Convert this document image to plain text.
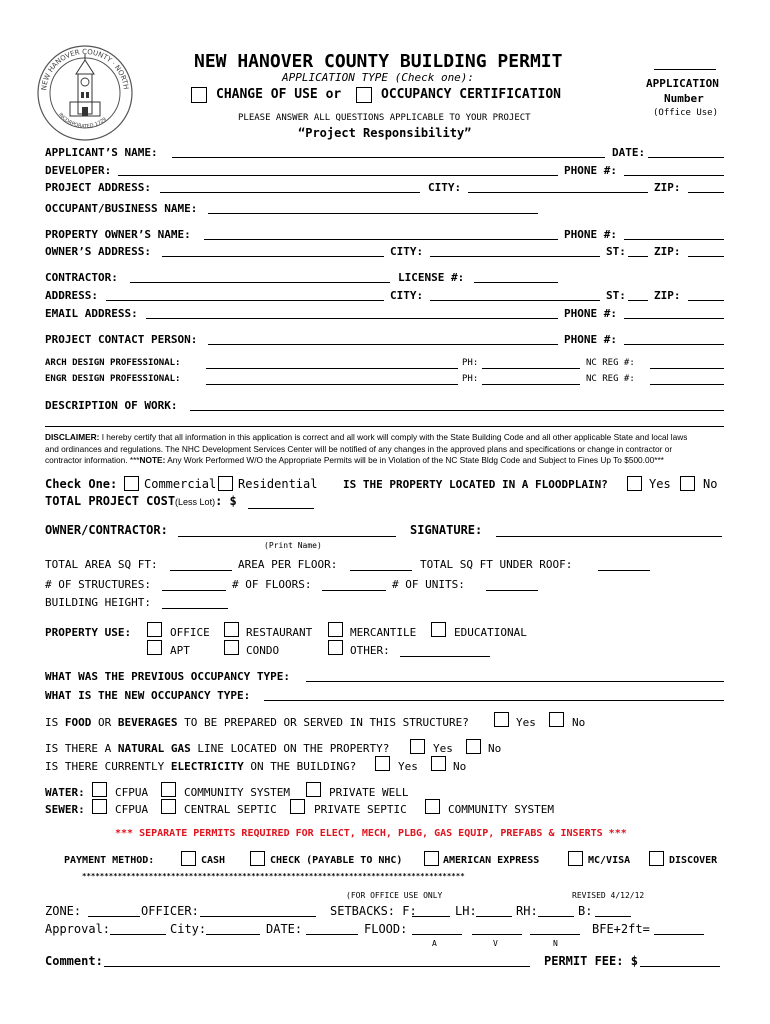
NEW HANOVER COUNTY · NORTH
INCORPORATED 1729
NEW HANOVER COUNTY BUILDING PERMIT
APPLICATION TYPE (Check one):
CHANGE OF USE or	OCCUPANCY CERTIFICATION
PLEASE ANSWER ALL QUESTIONS APPLICABLE TO YOUR PROJECT
“Project Responsibility”
APPLICATION
Number
(Office Use)
APPLICANT’S NAME:	DATE:
DEVELOPER:	PHONE #:
PROJECT ADDRESS:	CITY:	ZIP:
OCCUPANT/BUSINESS NAME:
PROPERTY OWNER’S NAME:	PHONE #:
OWNER’S ADDRESS:	CITY:	ST:	ZIP:
CONTRACTOR:	LICENSE #:
ADDRESS:	CITY:	ST:	ZIP:
EMAIL ADDRESS:	PHONE #:
PROJECT CONTACT PERSON:	PHONE #:
ARCH DESIGN PROFESSIONAL:	PH:	NC REG #:
ENGR DESIGN PROFESSIONAL:	PH:	NC REG #:
DESCRIPTION OF WORK:
DISCLAIMER: I hereby certify that all information in this application is correct and all work will comply with the State Building Code and all other applicable State and local laws
and ordinances and regulations. The NHC Development Services Center will be notified of any changes in the approved plans and specifications or change in contractor or
contractor information. ***NOTE: Any Work Performed W/O the Appropriate Permits will be in Violation of the NC State Bldg Code and Subject to Fines Up To $500.00***
Check One: Commercial Residential IS THE PROPERTY LOCATED IN A FLOODPLAIN?	Yes	No
TOTAL PROJECT COST(Less Lot): $
OWNER/CONTRACTOR:	SIGNATURE:
(Print Name)
TOTAL AREA SQ FT:	AREA PER FLOOR:	TOTAL SQ FT UNDER ROOF:
# OF STRUCTURES:	# OF FLOORS:	# OF UNITS:
BUILDING HEIGHT:
PROPERTY USE:	OFFICE	RESTAURANT	MERCANTILE	EDUCATIONAL
APT	CONDO	OTHER:
WHAT WAS THE PREVIOUS OCCUPANCY TYPE:
WHAT IS THE NEW OCCUPANCY TYPE:
IS FOOD OR BEVERAGES TO BE PREPARED OR SERVED IN THIS STRUCTURE?	Yes	No
IS THERE A NATURAL GAS LINE LOCATED ON THE PROPERTY?	Yes	No
IS THERE CURRENTLY ELECTRICITY ON THE BUILDING?	Yes	No
WATER:	CFPUA	COMMUNITY SYSTEM	PRIVATE WELL
SEWER:	CFPUA	CENTRAL SEPTIC	PRIVATE SEPTIC	COMMUNITY SYSTEM
*** SEPARATE PERMITS REQUIRED FOR ELECT, MECH, PLBG, GAS EQUIP, PREFABS & INSERTS ***
PAYMENT METHOD:	CASH	CHECK (PAYABLE TO NHC)	AMERICAN EXPRESS	MC/VISA	DISCOVER
**************************************************************************************
(FOR OFFICE USE ONLY	REVISED 4/12/12
ZONE:	OFFICER:	SETBACKS: F:	LH:	RH:	B:
Approval:	City:	DATE:	FLOOD:	BFE+2ft=
A	V	N
Comment:	PERMIT FEE: $
